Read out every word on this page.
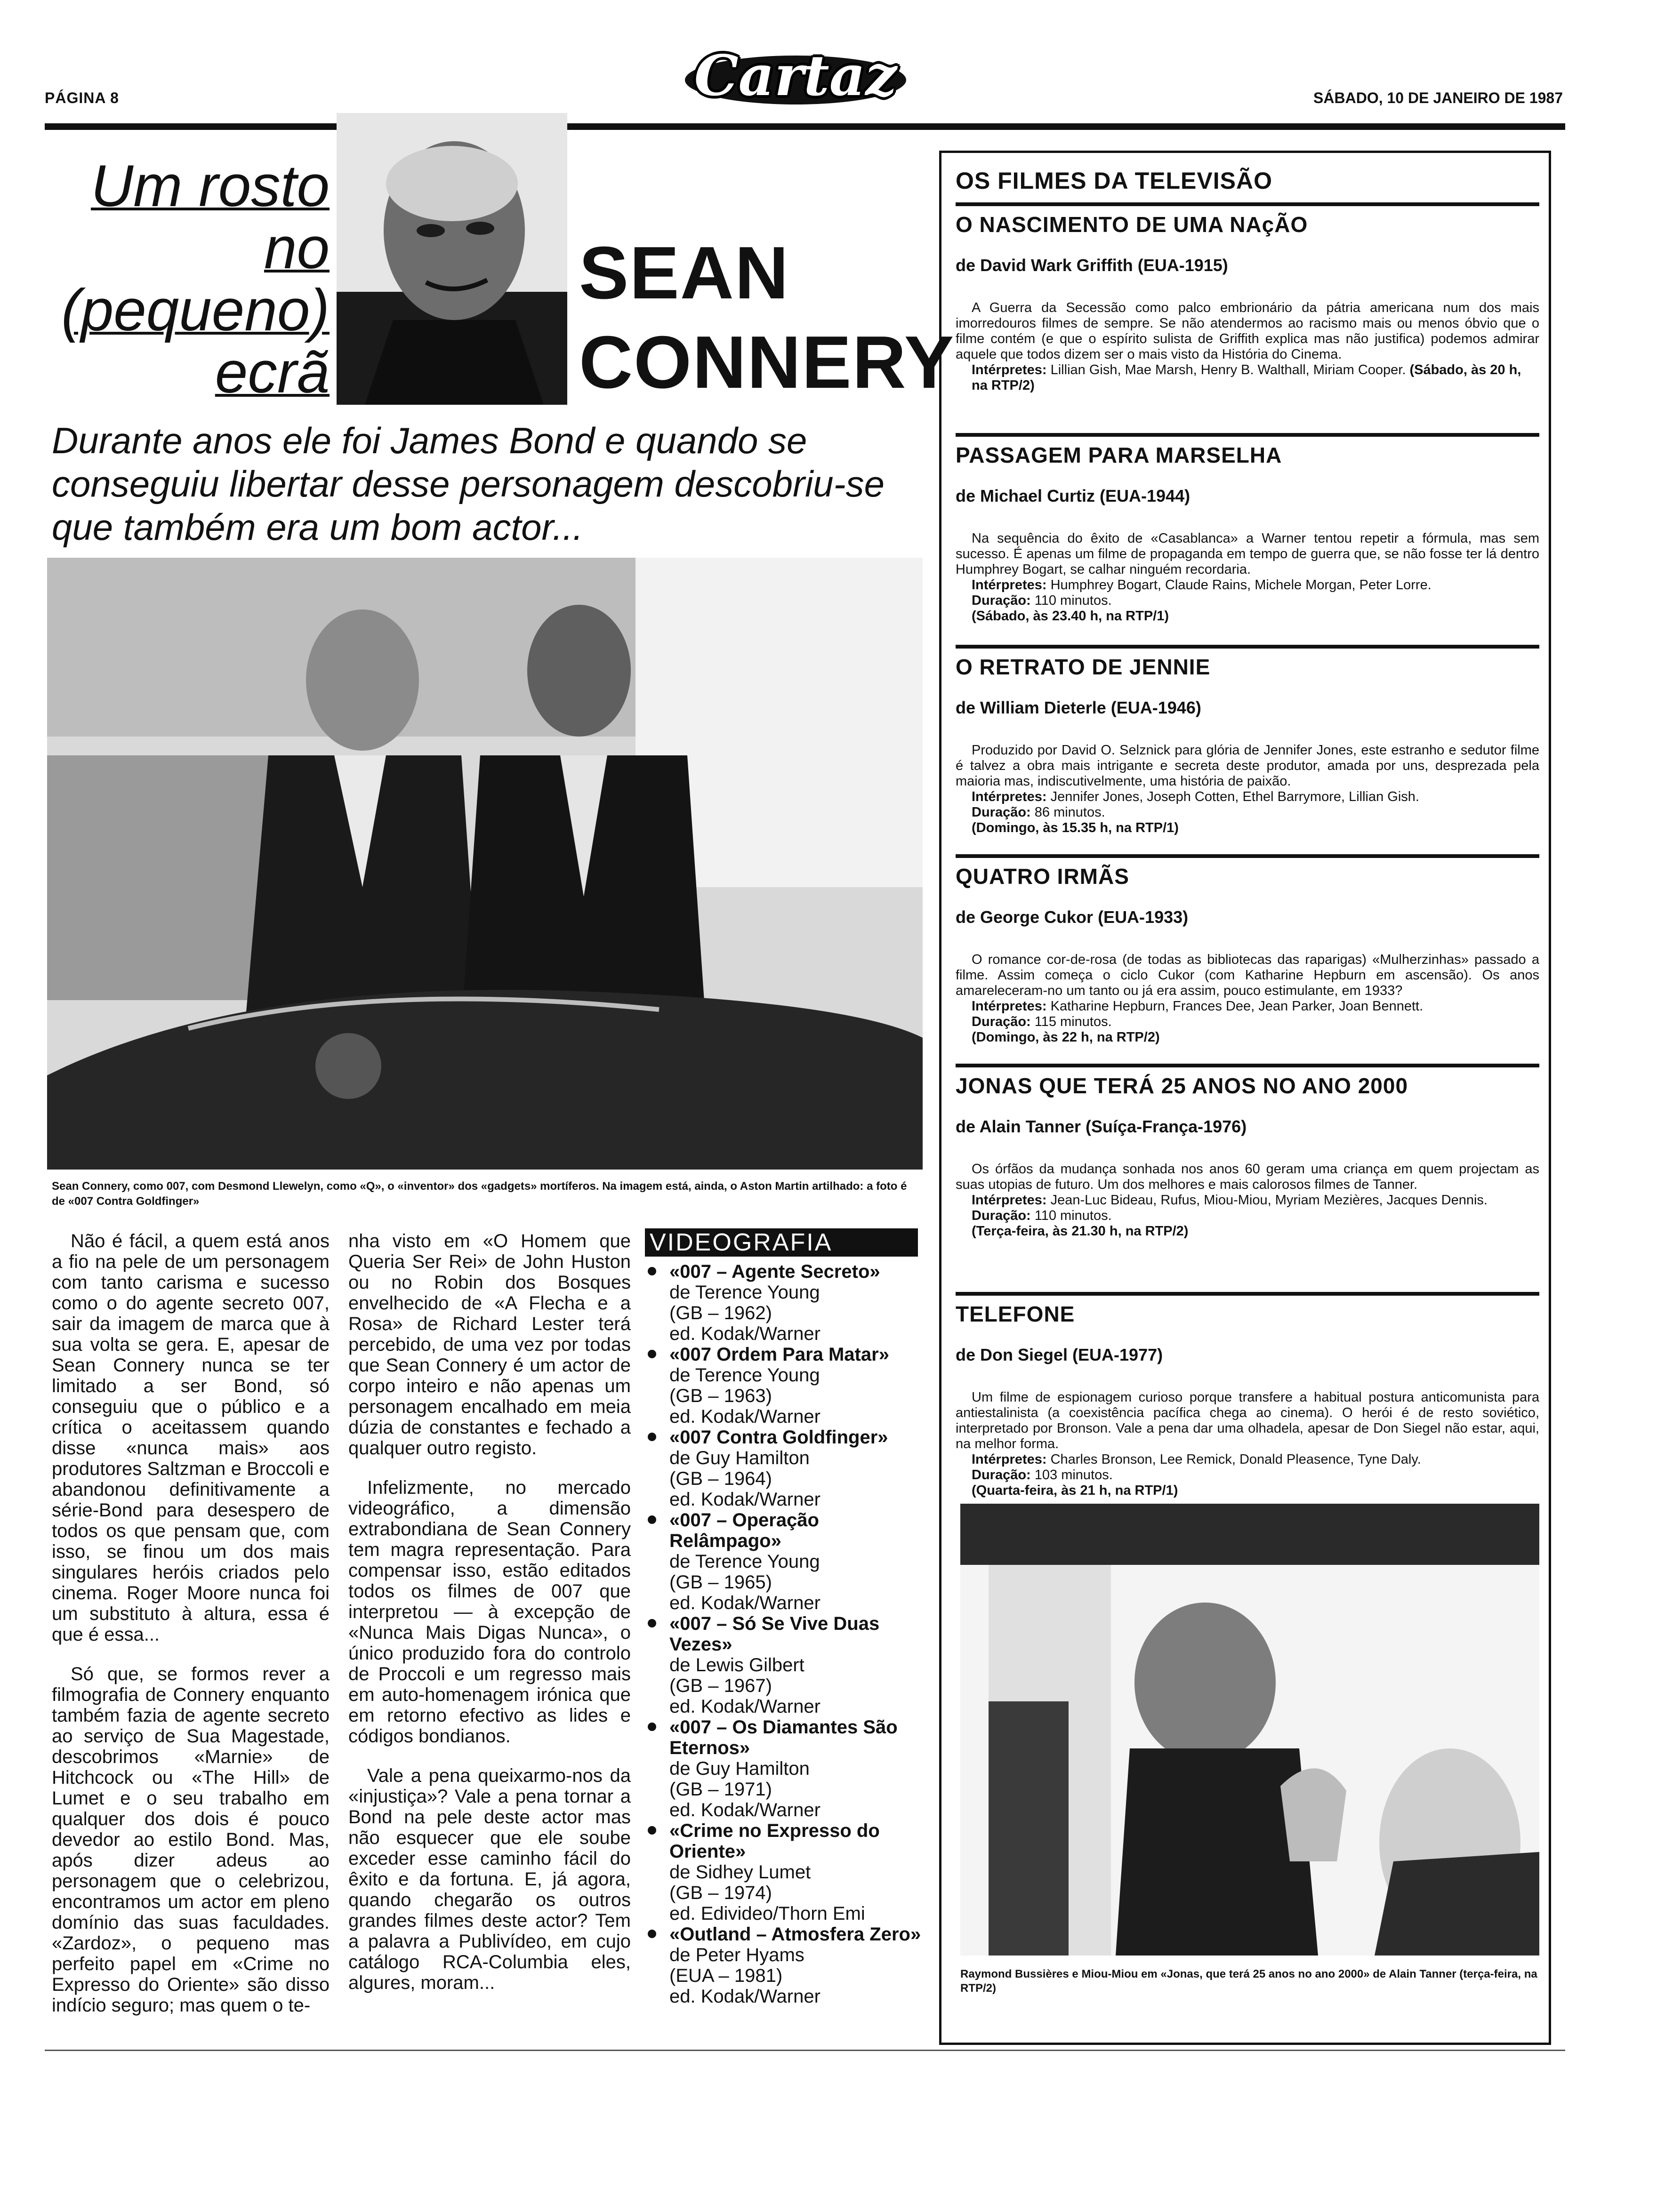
PÁGINA 8	Cartaz	SÁBADO, 10 DE JANEIRO DE 1987
Um rosto
no
(pequeno)
ecrã
SEAN
CONNERY
Durante anos ele foi James Bond e quando se conseguiu libertar desse personagem descobriu-se que também era um bom actor...
Sean Connery, como 007, com Desmond Llewelyn, como «Q», o «inventor» dos «gadgets» mortíferos. Na imagem está, ainda, o Aston Martin artilhado: a foto é de «007 Contra Goldfinger»

Não é fácil, a quem está anos a fio na pele de um personagem com tanto carisma e sucesso como o do agente secreto 007, sair da imagem de marca que à sua volta se gera. E, apesar de Sean Connery nunca se ter limitado a ser Bond, só conseguiu que o público e a crítica o aceitassem quando disse «nunca mais» aos produtores Saltzman e Broccoli e abandonou definitivamente a série-Bond para desespero de todos os que pensam que, com isso, se finou um dos mais singulares heróis criados pelo cinema. Roger Moore nunca foi um substituto à altura, essa é que é essa...

Só que, se formos rever a filmografia de Connery enquanto também fazia de agente secreto ao serviço de Sua Magestade, descobrimos «Marnie» de Hitchcock ou «The Hill» de Lumet e o seu trabalho em qualquer dos dois é pouco devedor ao estilo Bond. Mas, após dizer adeus ao personagem que o celebrizou, encontramos um actor em pleno domínio das suas faculdades. «Zardoz», o pequeno mas perfeito papel em «Crime no Expresso do Oriente» são disso indício seguro; mas quem o te-

nha visto em «O Homem que Queria Ser Rei» de John Huston ou no Robin dos Bosques envelhecido de «A Flecha e a Rosa» de Richard Lester terá percebido, de uma vez por todas que Sean Connery é um actor de corpo inteiro e não apenas um personagem encalhado em meia dúzia de constantes e fechado a qualquer outro registo.

Infelizmente, no mercado videográfico, a dimensão extrabondiana de Sean Connery tem magra representação. Para compensar isso, estão editados todos os filmes de 007 que interpretou — à excepção de «Nunca Mais Digas Nunca», o único produzido fora do controlo de Proccoli e um regresso mais em auto-homenagem irónica que em retorno efectivo as lides e códigos bondianos.

Vale a pena queixarmo-nos da «injustiça»? Vale a pena tornar a Bond na pele deste actor mas não esquecer que ele soube exceder esse caminho fácil do êxito e da fortuna. E, já agora, quando chegarão os outros grandes filmes deste actor? Tem a palavra a Publivídeo, em cujo catálogo RCA-Columbia eles, algures, moram...

VIDEOGRAFIA
«007 – Agente Secreto»
de Terence Young
(GB – 1962)
ed. Kodak/Warner
«007 Ordem Para Matar»
de Terence Young
(GB – 1963)
ed. Kodak/Warner
«007 Contra Goldfinger»
de Guy Hamilton
(GB – 1964)
ed. Kodak/Warner
«007 – Operação Relâmpago»
de Terence Young
(GB – 1965)
ed. Kodak/Warner
«007 – Só Se Vive Duas Vezes»
de Lewis Gilbert
(GB – 1967)
ed. Kodak/Warner
«007 – Os Diamantes São Eternos»
de Guy Hamilton
(GB – 1971)
ed. Kodak/Warner
«Crime no Expresso do Oriente»
de Sidhey Lumet
(GB – 1974)
ed. Edivideo/Thorn Emi
«Outland – Atmosfera Zero»
de Peter Hyams
(EUA – 1981)
ed. Kodak/Warner
OS FILMES DA TELEVISÃO
O NASCIMENTO DE UMA NAçÃO
de David Wark Griffith (EUA-1915)
A Guerra da Secessão como palco embrionário da pátria americana num dos mais imorredouros filmes de sempre. Se não atendermos ao racismo mais ou menos óbvio que o filme contém (e que o espírito sulista de Griffith explica mas não justifica) podemos admirar aquele que todos dizem ser o mais visto da História do Cinema.
Intérpretes: Lillian Gish, Mae Marsh, Henry B. Walthall, Miriam Cooper. (Sábado, às 20 h, na RTP/2)
PASSAGEM PARA MARSELHA
de Michael Curtiz (EUA-1944)
Na sequência do êxito de «Casablanca» a Warner tentou repetir a fórmula, mas sem sucesso. É apenas um filme de propaganda em tempo de guerra que, se não fosse ter lá dentro Humphrey Bogart, se calhar ninguém recordaria.
Intérpretes: Humphrey Bogart, Claude Rains, Michele Morgan, Peter Lorre.
Duração: 110 minutos.
(Sábado, às 23.40 h, na RTP/1)
O RETRATO DE JENNIE
de William Dieterle (EUA-1946)
Produzido por David O. Selznick para glória de Jennifer Jones, este estranho e sedutor filme é talvez a obra mais intrigante e secreta deste produtor, amada por uns, desprezada pela maioria mas, indiscutivelmente, uma história de paixão.
Intérpretes: Jennifer Jones, Joseph Cotten, Ethel Barrymore, Lillian Gish.
Duração: 86 minutos.
(Domingo, às 15.35 h, na RTP/1)
QUATRO IRMÃS
de George Cukor (EUA-1933)
O romance cor-de-rosa (de todas as bibliotecas das raparigas) «Mulherzinhas» passado a filme. Assim começa o ciclo Cukor (com Katharine Hepburn em ascensão). Os anos amareleceram-no um tanto ou já era assim, pouco estimulante, em 1933?
Intérpretes: Katharine Hepburn, Frances Dee, Jean Parker, Joan Bennett.
Duração: 115 minutos.
(Domingo, às 22 h, na RTP/2)
JONAS QUE TERÁ 25 ANOS NO ANO 2000
de Alain Tanner (Suíça-França-1976)
Os órfãos da mudança sonhada nos anos 60 geram uma criança em quem projectam as suas utopias de futuro. Um dos melhores e mais calorosos filmes de Tanner.
Intérpretes: Jean-Luc Bideau, Rufus, Miou-Miou, Myriam Mezières, Jacques Dennis.
Duração: 110 minutos.
(Terça-feira, às 21.30 h, na RTP/2)
TELEFONE
de Don Siegel (EUA-1977)
Um filme de espionagem curioso porque transfere a habitual postura anticomunista para antiestalinista (a coexistência pacífica chega ao cinema). O herói é de resto soviético, interpretado por Bronson. Vale a pena dar uma olhadela, apesar de Don Siegel não estar, aqui, na melhor forma.
Intérpretes: Charles Bronson, Lee Remick, Donald Pleasence, Tyne Daly.
Duração: 103 minutos.
(Quarta-feira, às 21 h, na RTP/1)
Raymond Bussières e Miou-Miou em «Jonas, que terá 25 anos no ano 2000» de Alain Tanner (terça-feira, na RTP/2)
